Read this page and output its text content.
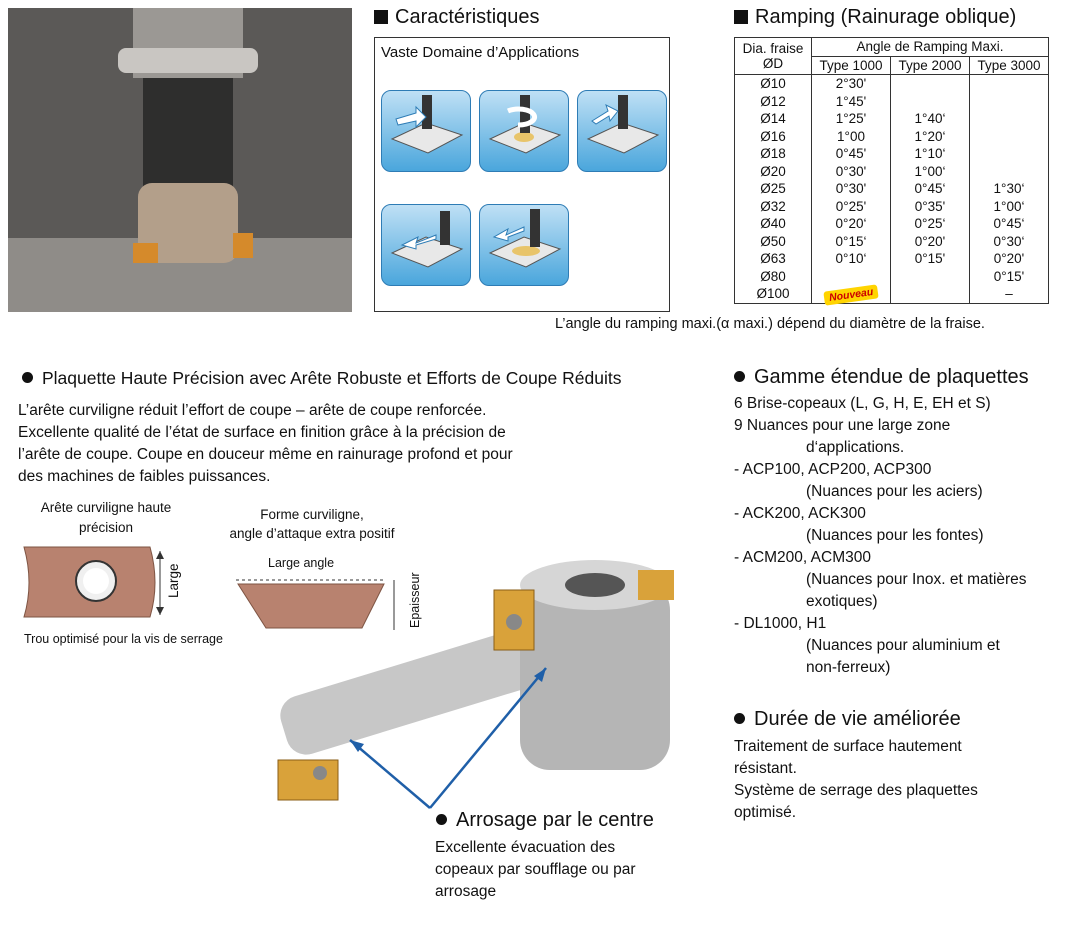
Caractéristiques
Vaste Domaine d’Applications
Ramping (Rainurage oblique)
Dia. fraise
ØD	Angle de Ramping Maxi.		
	Type 1000	Type 2000	Type 3000
Ø10	2°30'		
Ø12	1°45'		
Ø14	1°25'	1°40‘	
Ø16	1°00	1°20‘	
Ø18	0°45'	1°10‘	
Ø20	0°30'	1°00‘	
Ø25	0°30'	0°45‘	1°30‘
Ø32	0°25'	0°35'	1°00‘
Ø40	0°20‘	0°25‘	0°45‘
Ø50	0°15‘	0°20'	0°30‘
Ø63	0°10‘	0°15'	0°20'
Ø80			0°15'
Ø100	Nouveau		–
L’angle du ramping maxi.(α maxi.) dépend du diamètre de la fraise.
Plaquette Haute Précision avec Arête Robuste et Efforts de Coupe Réduits
L’arête curviligne réduit l’effort de coupe – arête de coupe renforcée.
Excellente qualité de l’état de surface en finition grâce à la précision de
l’arête de coupe. Coupe en douceur même en rainurage profond et pour
des machines de faibles puissances.
Arête curviligne haute
précision
Large
Trou optimisé pour la vis de serrage
Forme curviligne,
angle d’attaque extra positif
Large angle
Epaisseur
Arrosage par le centre
Excellente évacuation des
copeaux par soufflage ou par
arrosage
Gamme étendue de plaquettes
6 Brise-copeaux (L, G, H, E, EH et S)
9 Nuances pour une large zone
d‘applications.
- ACP100, ACP200, ACP300
(Nuances pour les aciers)
- ACK200, ACK300
(Nuances pour les fontes)
- ACM200, ACM300
(Nuances pour Inox. et matières
exotiques)
- DL1000, H1
(Nuances pour aluminium et
non-ferreux)
Durée de vie améliorée
Traitement de surface hautement
résistant.
Système de serrage des plaquettes
optimisé.
